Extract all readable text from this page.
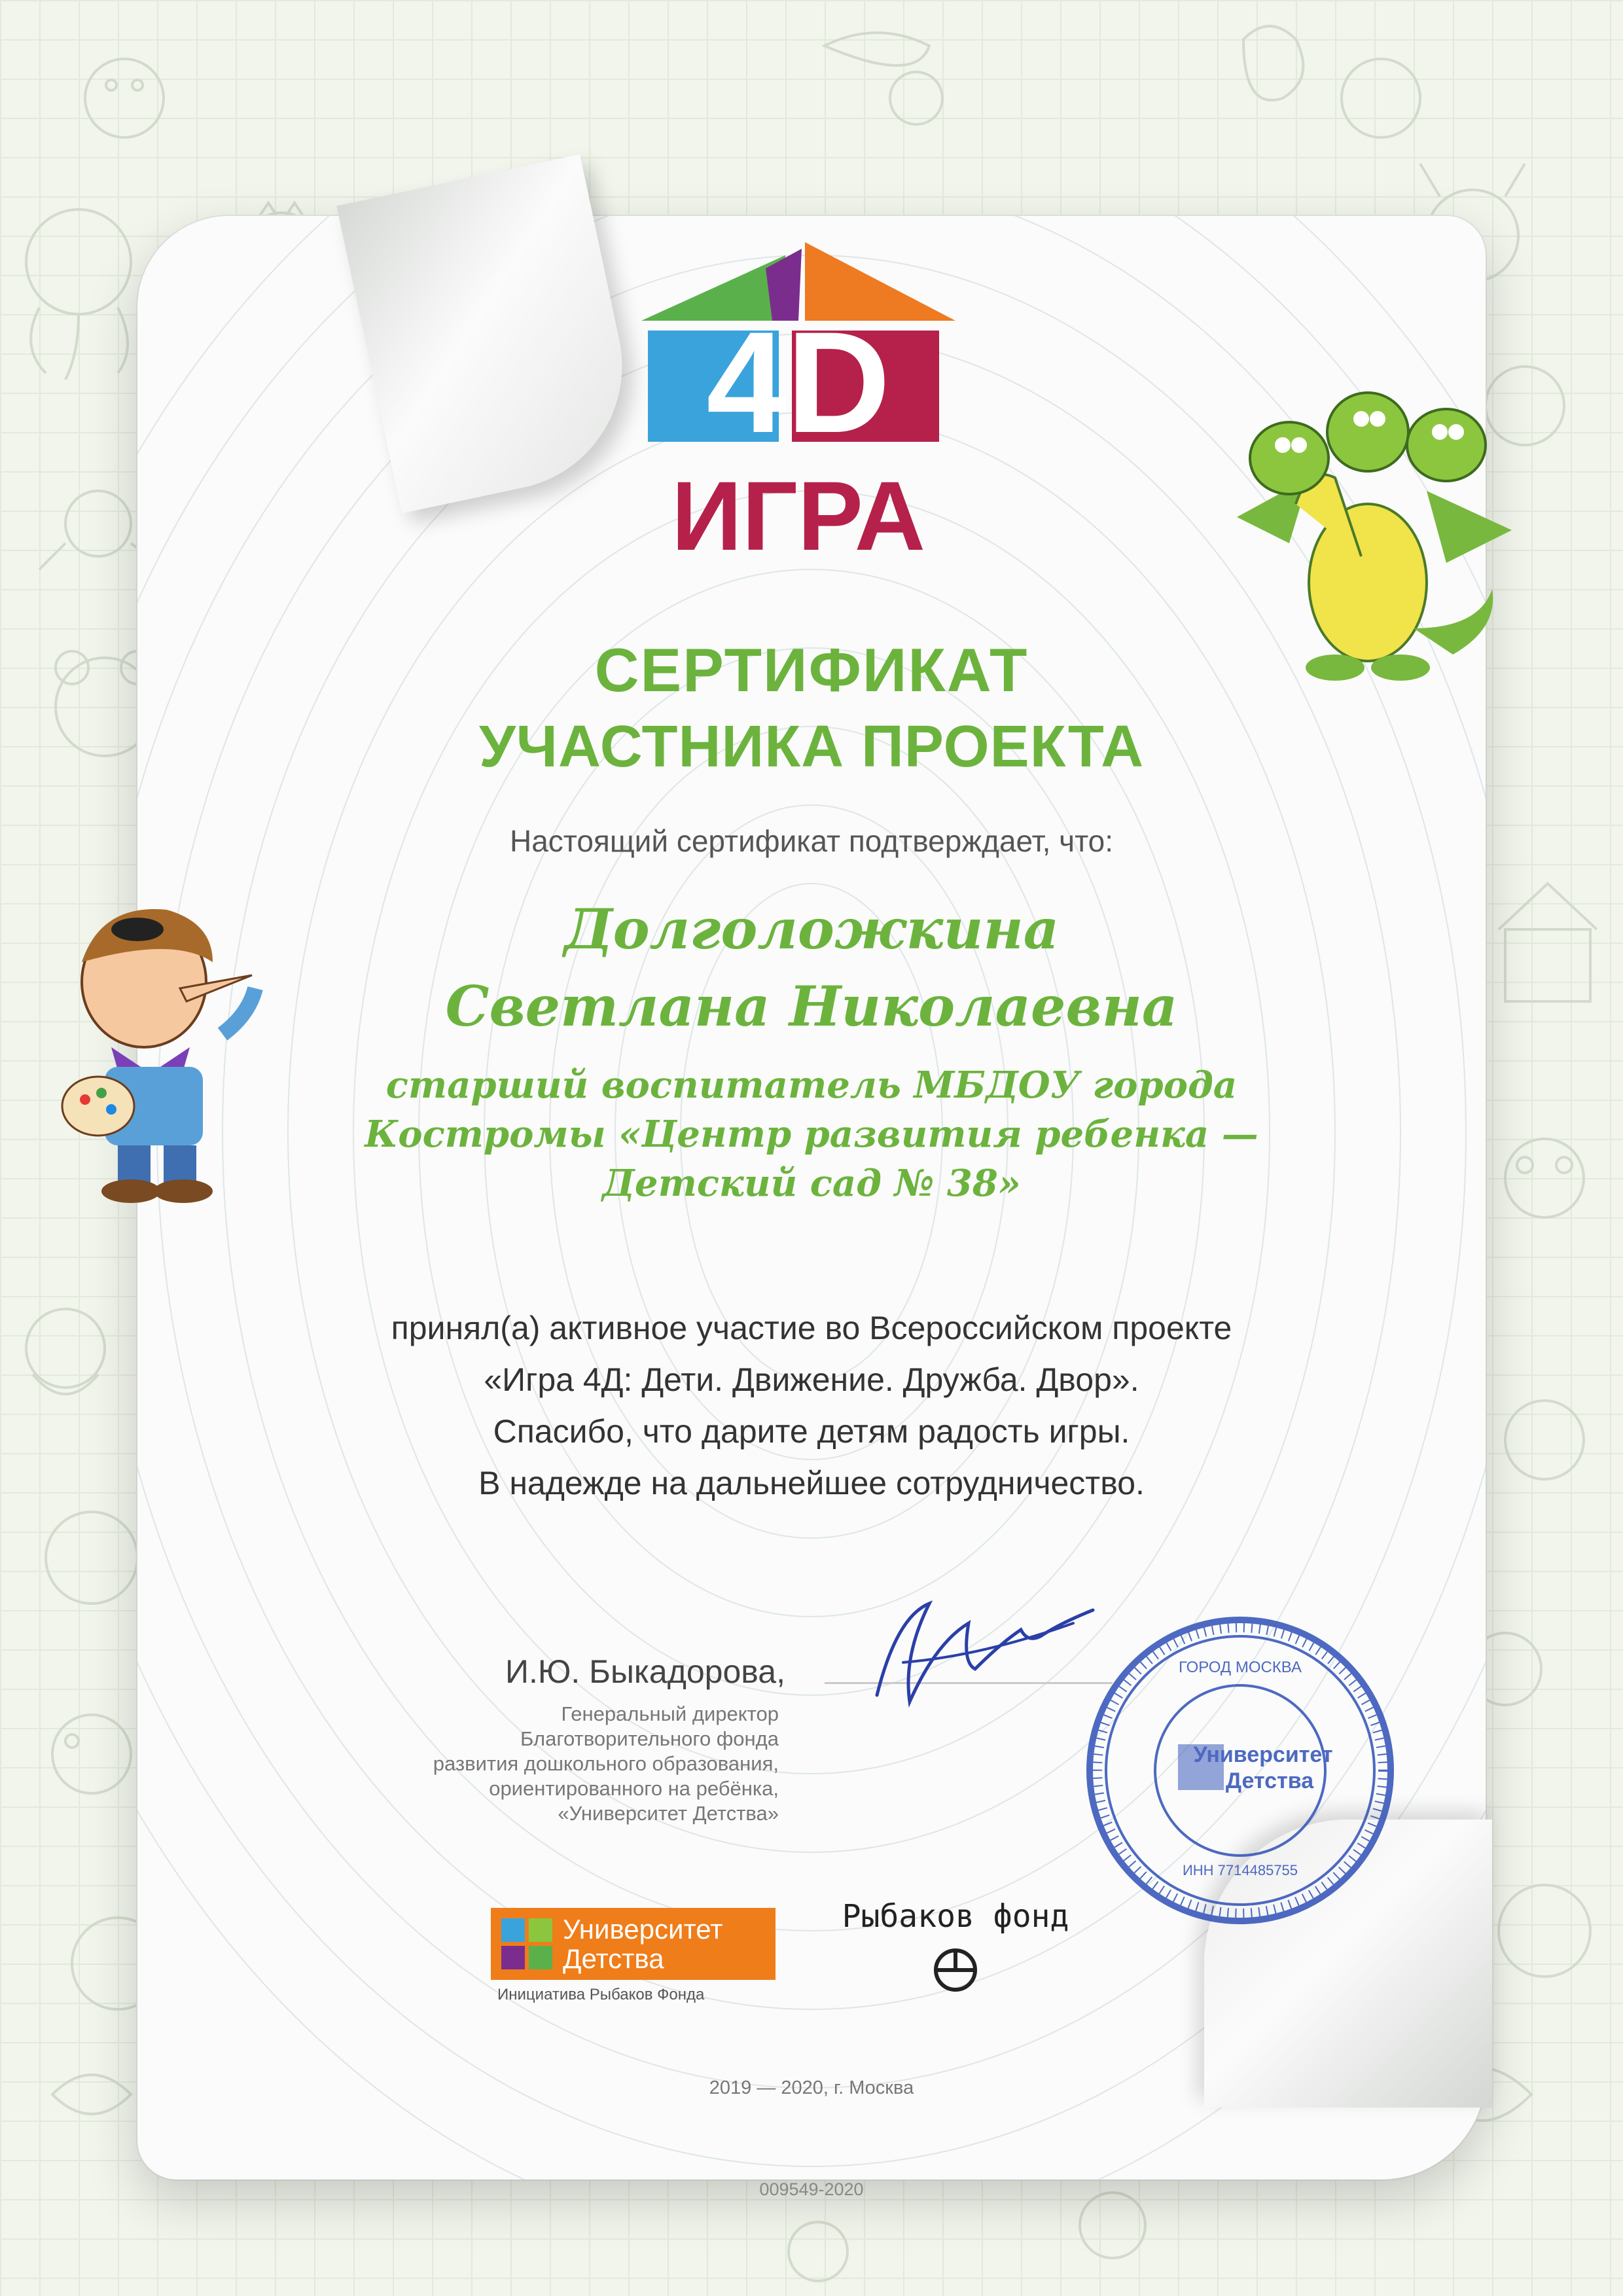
4D
ИГРА
СЕРТИФИКАТ
УЧАСТНИКА ПРОЕКТА
Настоящий сертификат подтверждает, что:
Долголожкина
Светлана Николаевна
старший воспитатель МБДОУ города
Костромы «Центр развития ребенка —
Детский сад № 38»
принял(а) активное участие во Всероссийском проекте
«Игра 4Д: Дети. Движение. Дружба. Двор».
Спасибо, что дарите детям радость игры.
В надежде на дальнейшее сотрудничество.
И.Ю. Быкадорова,
Генеральный директор
Благотворительного фонда
развития дошкольного образования,
ориентированного на ребёнка,
«Университет Детства»
Университет
Детства
ГОРОД МОСКВА
ИНН 7714485755
Университет
Детства
Инициатива Рыбаков Фонда
Рыбаков фонд
2019 — 2020, г. Москва
009549-2020
